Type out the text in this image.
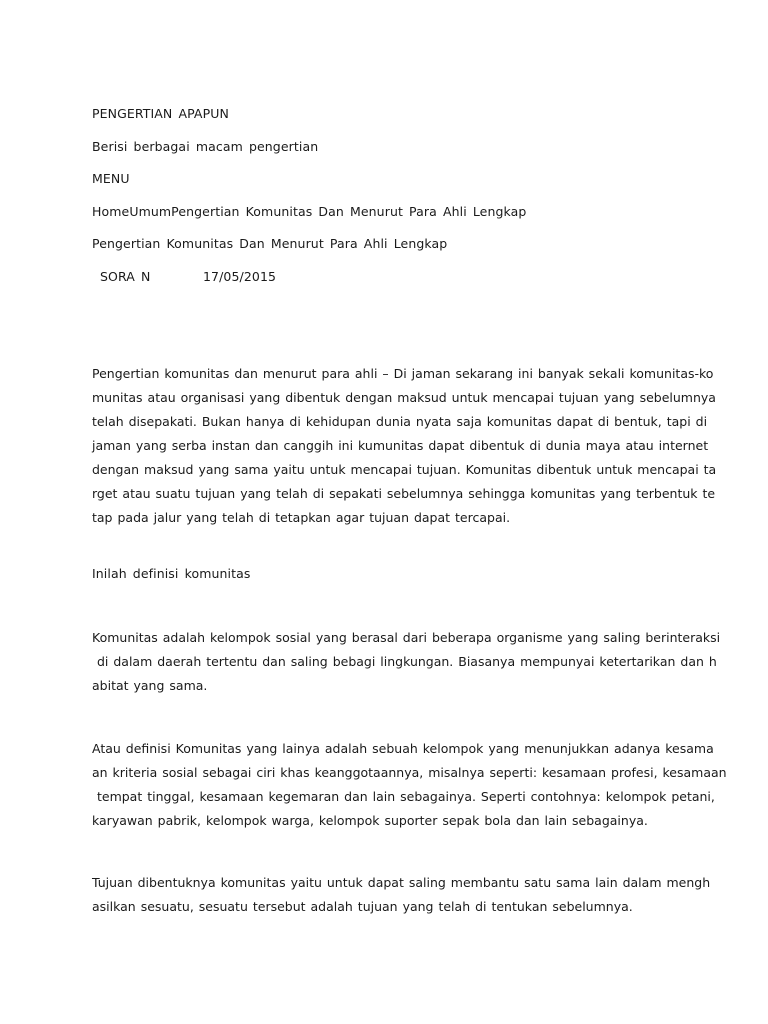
PENGERTIAN APAPUN
Berisi berbagai macam pengertian
MENU
HomeUmumPengertian Komunitas Dan Menurut Para Ahli Lengkap
Pengertian Komunitas Dan Menurut Para Ahli Lengkap
SORA N	17/05/2015
Pengertian komunitas dan menurut para ahli – Di jaman sekarang ini banyak sekali komunitas-ko
munitas atau organisasi yang dibentuk dengan maksud untuk mencapai tujuan yang sebelumnya
telah disepakati. Bukan hanya di kehidupan dunia nyata saja komunitas dapat di bentuk, tapi di
jaman yang serba instan dan canggih ini kumunitas dapat dibentuk di dunia maya atau internet
dengan maksud yang sama yaitu untuk mencapai tujuan. Komunitas dibentuk untuk mencapai ta
rget atau suatu tujuan yang telah di sepakati sebelumnya sehingga komunitas yang terbentuk te
tap pada jalur yang telah di tetapkan agar tujuan dapat tercapai.
Inilah definisi komunitas
Komunitas adalah kelompok sosial yang berasal dari beberapa organisme yang saling berinteraksi
di dalam daerah tertentu dan saling bebagi lingkungan. Biasanya mempunyai ketertarikan dan h
abitat yang sama.
Atau definisi Komunitas yang lainya adalah sebuah kelompok yang menunjukkan adanya kesama
an kriteria sosial sebagai ciri khas keanggotaannya, misalnya seperti: kesamaan profesi, kesamaan
tempat tinggal, kesamaan kegemaran dan lain sebagainya. Seperti contohnya: kelompok petani,
karyawan pabrik, kelompok warga, kelompok suporter sepak bola dan lain sebagainya.
Tujuan dibentuknya komunitas yaitu untuk dapat saling membantu satu sama lain dalam mengh
asilkan sesuatu, sesuatu tersebut adalah tujuan yang telah di tentukan sebelumnya.
